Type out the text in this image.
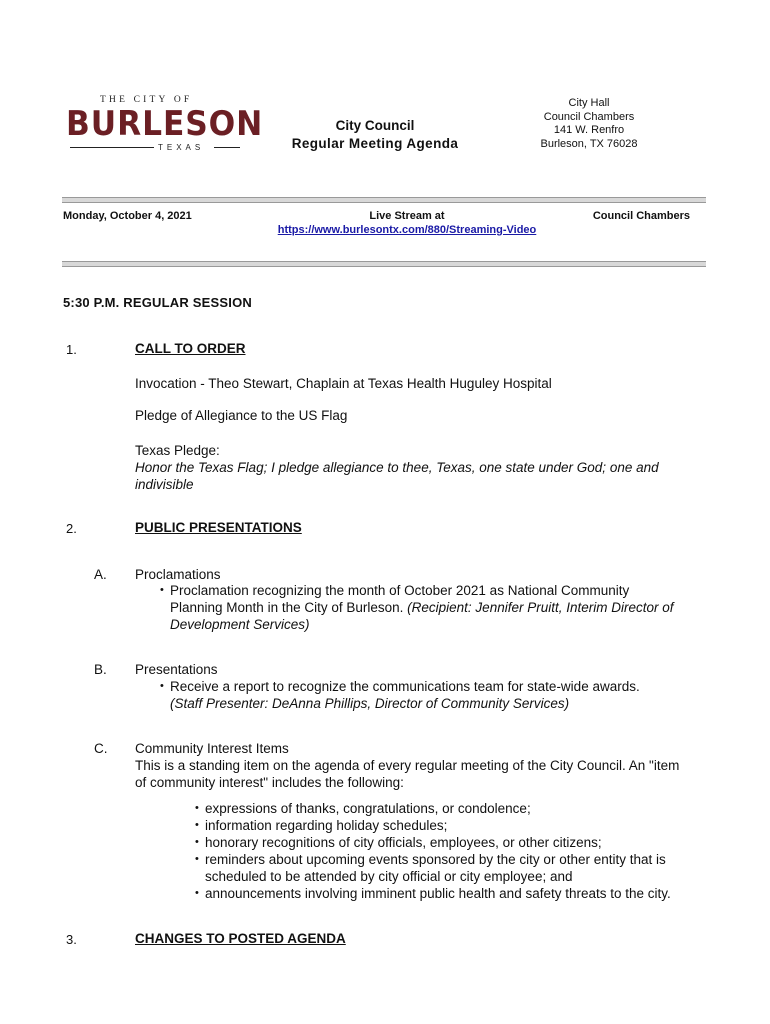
THE CITY OF
BURLESON
TEXAS
City Council
Regular Meeting Agenda
City Hall
Council Chambers
141 W. Renfro
Burleson, TX 76028
Monday, October 4, 2021	Live Stream at
https://www.burlesontx.com/880/Streaming-Video
Council Chambers
5:30 P.M. REGULAR SESSION
1.	CALL TO ORDER
Invocation - Theo Stewart, Chaplain at Texas Health Huguley Hospital
Pledge of Allegiance to the US Flag
Texas Pledge:
Honor the Texas Flag; I pledge allegiance to thee, Texas, one state under God; one and indivisible
2.	PUBLIC PRESENTATIONS
A. Proclamations
• Proclamation recognizing the month of October 2021 as National Community Planning Month in the City of Burleson. (Recipient: Jennifer Pruitt, Interim Director of Development Services)
B. Presentations
• Receive a report to recognize the communications team for state-wide awards.
(Staff Presenter: DeAnna Phillips, Director of Community Services)
C. Community Interest Items
This is a standing item on the agenda of every regular meeting of the City Council. An "item of community interest" includes the following:
• expressions of thanks, congratulations, or condolence;
• information regarding holiday schedules;
• honorary recognitions of city officials, employees, or other citizens;
• reminders about upcoming events sponsored by the city or other entity that is scheduled to be attended by city official or city employee; and
• announcements involving imminent public health and safety threats to the city.
3.	CHANGES TO POSTED AGENDA
